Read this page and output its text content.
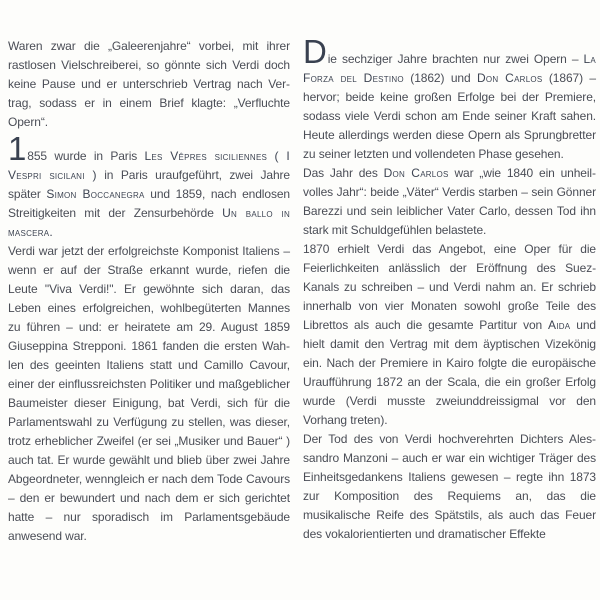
Waren zwar die „Galeerenjahre“ vorbei, mit ihrer rastlosen Vielschreiberei, so gönnte sich Verdi doch keine Pause und er unterschrieb Vertrag nach Vertrag, sodass er in einem Brief klagte: „Verfluchte Opern“.

1855 wurde in Paris Les Vêpres siciliennes ( I Vespri sicilani ) in Paris uraufgeführt, zwei Jahre später Simon Boccanegra und 1859, nach endlosen Streitigkeiten mit der Zensurbehörde Un ballo in mascera.

Verdi war jetzt der erfolgreichste Komponist Italiens – wenn er auf der Straße erkannt wurde, riefen die Leute "Viva Verdi!". Er gewöhnte sich daran, das Leben eines erfolgreichen, wohlbegüterten Mannes zu führen – und: er heiratete am 29. August 1859 Giuseppina Strepponi. 1861 fanden die ersten Wahlen des geeinten Italiens statt und Camillo Cavour, einer der einflussreichsten Politiker und maßgeblicher Baumeister dieser Einigung, bat Verdi, sich für die Parlamentswahl zu Verfügung zu stellen, was dieser, trotz erheblicher Zweifel (er sei „Musiker und Bauer“ ) auch tat. Er wurde gewählt und blieb über zwei Jahre Abgeordneter, wenngleich er nach dem Tode Cavours – den er bewundert und nach dem er sich gerichtet hatte – nur sporadisch im Parlamentsgebäude anwesend war.

Die sechziger Jahre brachten nur zwei Opern – La Forza del Destino (1862) und Don Carlos (1867) – hervor; beide keine großen Erfolge bei der Premiere, sodass viele Verdi schon am Ende seiner Kraft sahen. Heute allerdings werden diese Opern als Sprungbretter zu seiner letzten und vollendeten Phase gesehen.

Das Jahr des Don Carlos war „wie 1840 ein unheilvolles Jahr“: beide „Väter“ Verdis starben – sein Gönner Barezzi und sein leiblicher Vater Carlo, dessen Tod ihn stark mit Schuldgefühlen belastete.

1870 erhielt Verdi das Angebot, eine Oper für die Feierlichkeiten anlässlich der Eröffnung des Suez-Kanals zu schreiben – und Verdi nahm an. Er schrieb innerhalb von vier Monaten sowohl große Teile des Librettos als auch die gesamte Partitur von Aida und hielt damit den Vertrag mit dem äyptischen Vizekönig ein. Nach der Premiere in Kairo folgte die europäische Uraufführung 1872 an der Scala, die ein großer Erfolg wurde (Verdi musste zweiunddreissigmal vor den Vorhang treten).

Der Tod des von Verdi hochverehrten Dichters Alessandro Manzoni – auch er war ein wichtiger Träger des Einheitsgedankens Italiens gewesen – regte ihn 1873 zur Komposition des Requiems an, das die musikalische Reife des Spätstils, als auch das Feuer des vokalorientierten und dramatischer Effekte
